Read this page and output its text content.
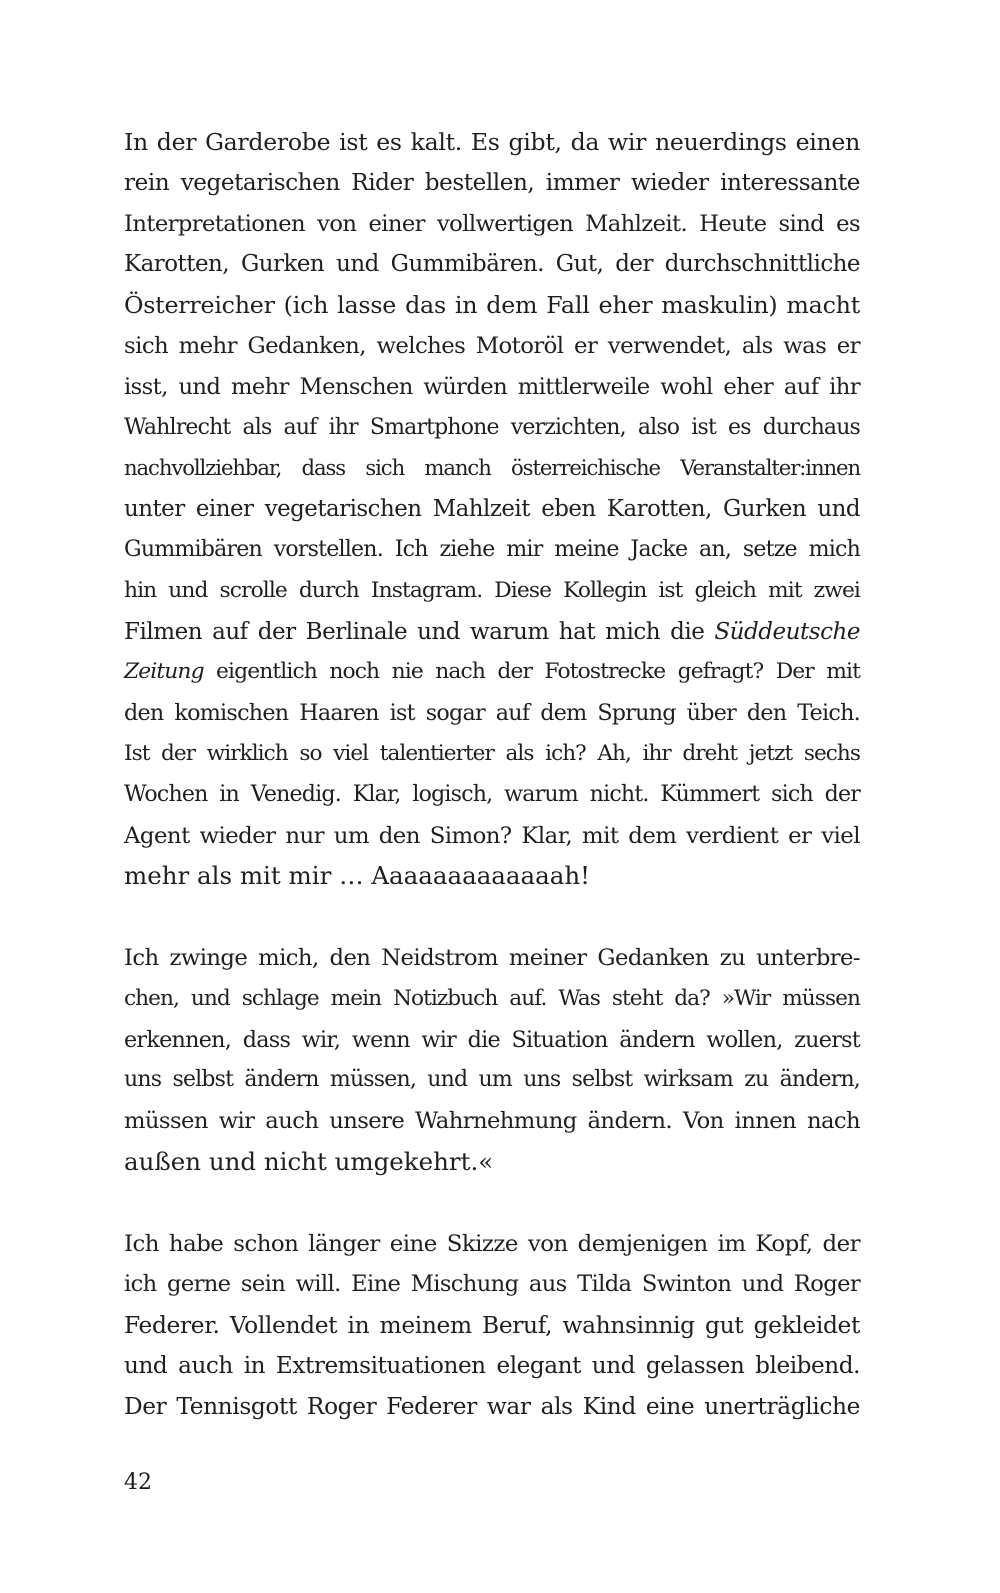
In der Garderobe ist es kalt. Es gibt, da wir neuerdings einen
rein vegetarischen Rider bestellen, immer wieder interessante
Interpretationen von einer vollwertigen Mahlzeit. Heute sind es
Karotten, Gurken und Gummibären. Gut, der durchschnittliche
Österreicher (ich lasse das in dem Fall eher maskulin) macht
sich mehr Gedanken, welches Motoröl er verwendet, als was er
isst, und mehr Menschen würden mittlerweile wohl eher auf ihr
Wahlrecht als auf ihr Smartphone verzichten, also ist es durchaus
nachvollziehbar, dass sich manch österreichische Veranstalter:innen
unter einer vegetarischen Mahlzeit eben Karotten, Gurken und
Gummibären vorstellen. Ich ziehe mir meine Jacke an, setze mich
hin und scrolle durch Instagram. Diese Kollegin ist gleich mit zwei
Filmen auf der Berlinale und warum hat mich die Süddeutsche
Zeitung eigentlich noch nie nach der Fotostrecke gefragt? Der mit
den komischen Haaren ist sogar auf dem Sprung über den Teich.
Ist der wirklich so viel talentierter als ich? Ah, ihr dreht jetzt sechs
Wochen in Venedig. Klar, logisch, warum nicht. Kümmert sich der
Agent wieder nur um den Simon? Klar, mit dem verdient er viel
mehr als mit mir … Aaaaaaaaaaaaah!
Ich zwinge mich, den Neidstrom meiner Gedanken zu unterbre-
chen, und schlage mein Notizbuch auf. Was steht da? »Wir müssen
erkennen, dass wir, wenn wir die Situation ändern wollen, zuerst
uns selbst ändern müssen, und um uns selbst wirksam zu ändern,
müssen wir auch unsere Wahrnehmung ändern. Von innen nach
außen und nicht umgekehrt.«
Ich habe schon länger eine Skizze von demjenigen im Kopf, der
ich gerne sein will. Eine Mischung aus Tilda Swinton und Roger
Federer. Vollendet in meinem Beruf, wahnsinnig gut gekleidet
und auch in Extremsituationen elegant und gelassen bleibend.
Der Tennisgott Roger Federer war als Kind eine unerträgliche
42
